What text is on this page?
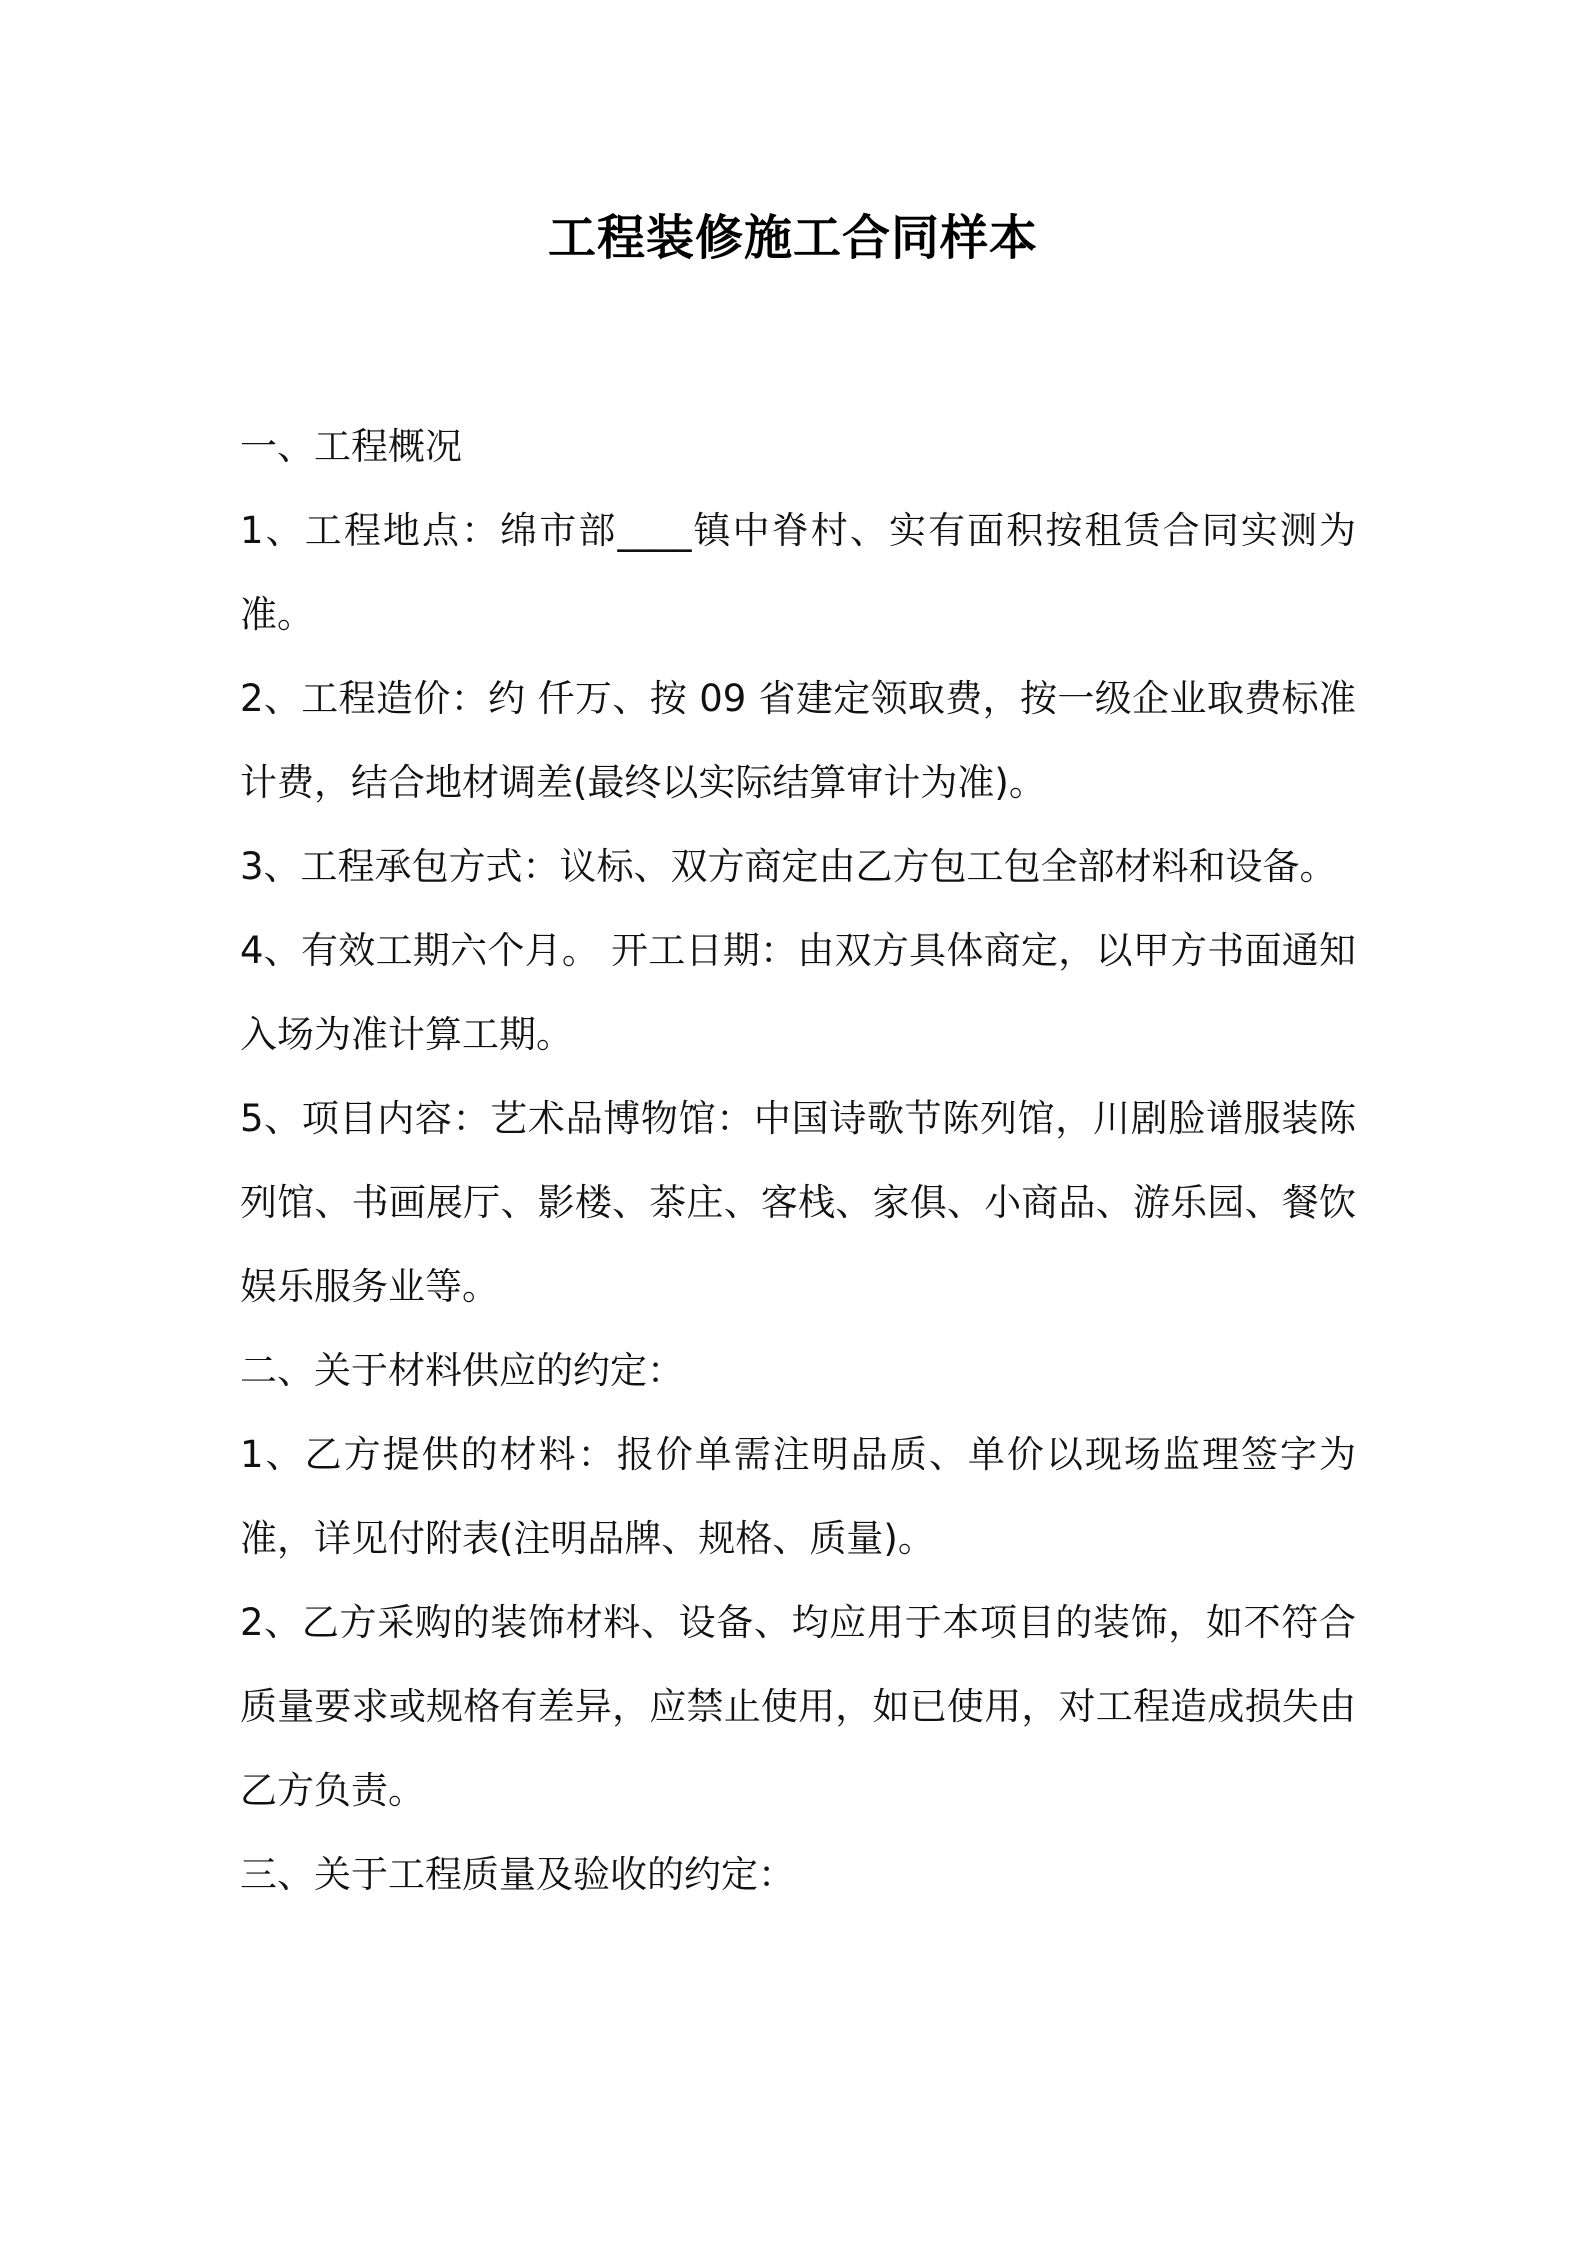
工程装修施工合同样本

一、工程概况

1、工程地点：绵市部____镇中脊村、实有面积按租赁合同实测为准。

2、工程造价：约 仟万、按 09 省建定领取费，按一级企业取费标准计费，结合地材调差(最终以实际结算审计为准)。

3、工程承包方式：议标、双方商定由乙方包工包全部材料和设备。

4、有效工期六个月。 开工日期：由双方具体商定，以甲方书面通知入场为准计算工期。

5、项目内容：艺术品博物馆：中国诗歌节陈列馆，川剧脸谱服装陈列馆、书画展厅、影楼、茶庄、客栈、家俱、小商品、游乐园、餐饮娱乐服务业等。

二、关于材料供应的约定：

1、乙方提供的材料：报价单需注明品质、单价以现场监理签字为准，详见付附表(注明品牌、规格、质量)。

2、乙方采购的装饰材料、设备、均应用于本项目的装饰，如不符合质量要求或规格有差异，应禁止使用，如已使用，对工程造成损失由乙方负责。

三、关于工程质量及验收的约定：
